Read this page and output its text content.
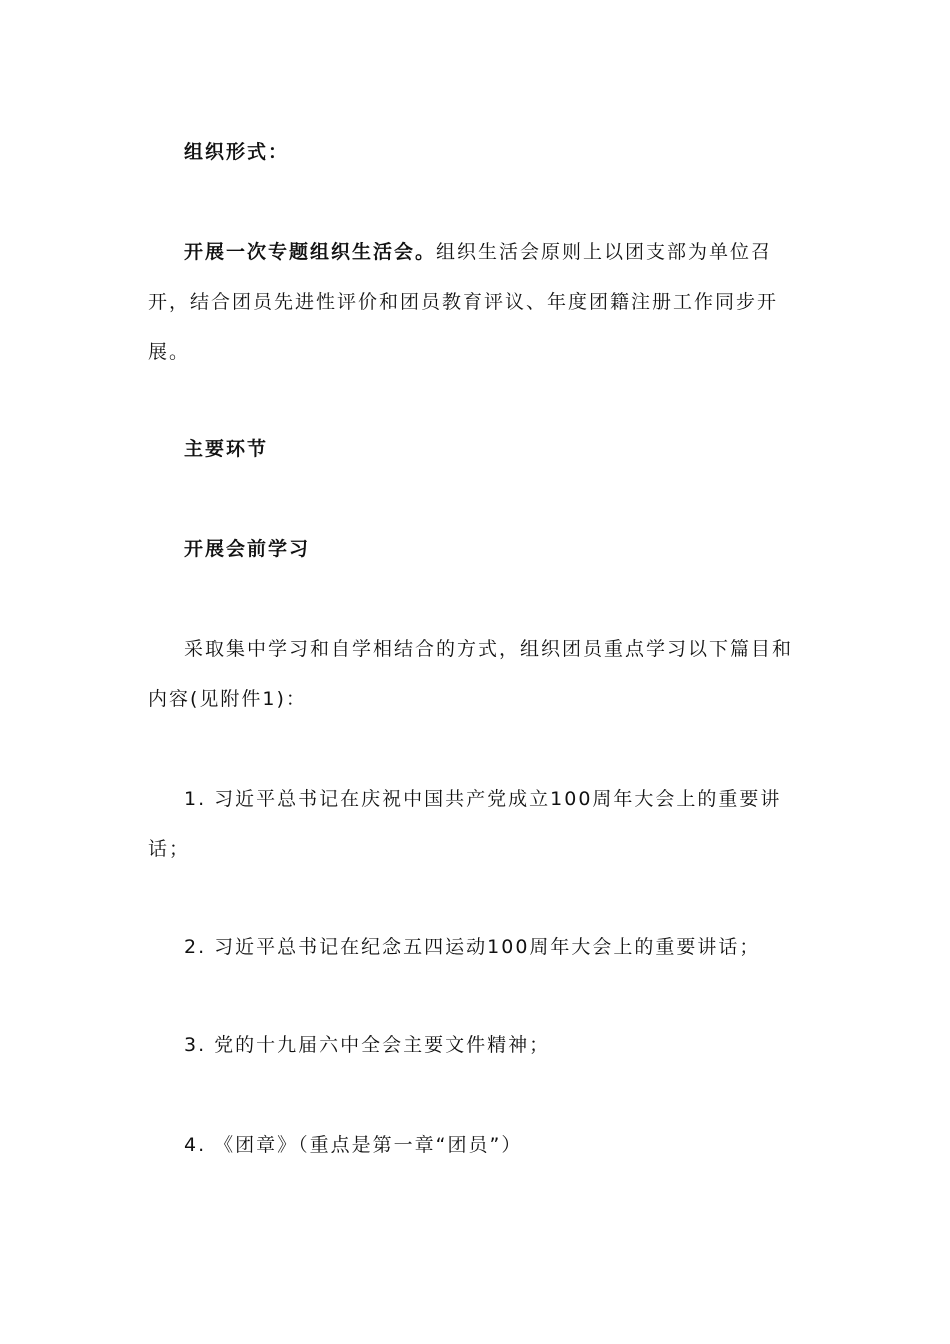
组织形式：

开展一次专题组织生活会。组织生活会原则上以团支部为单位召开，结合团员先进性评价和团员教育评议、年度团籍注册工作同步开展。

主要环节

开展会前学习

采取集中学习和自学相结合的方式，组织团员重点学习以下篇目和内容(见附件1)：

1. 习近平总书记在庆祝中国共产党成立100周年大会上的重要讲话；

2. 习近平总书记在纪念五四运动100周年大会上的重要讲话；

3. 党的十九届六中全会主要文件精神；

4. 《团章》（重点是第一章“团员”）
